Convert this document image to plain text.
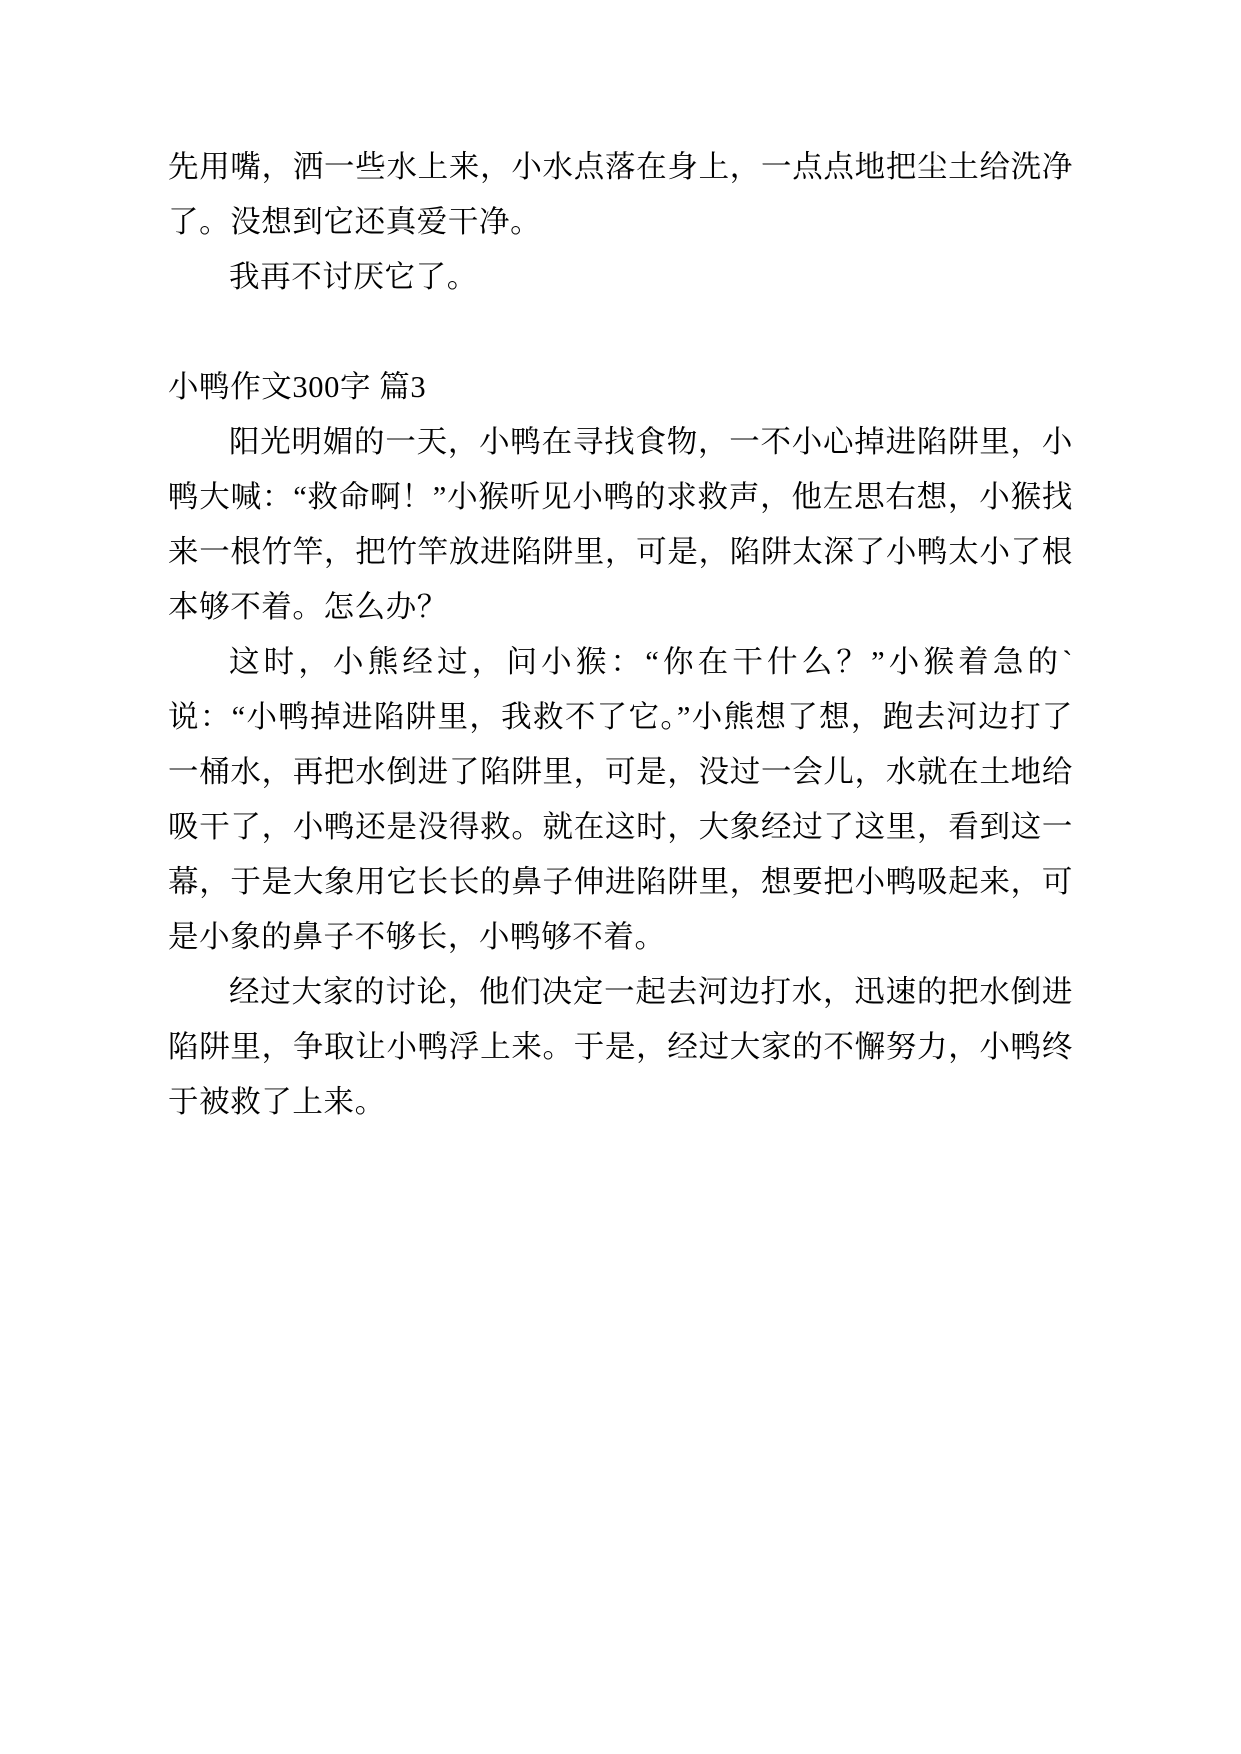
先用嘴，洒一些水上来，小水点落在身上，一点点地把尘土给洗净了。没想到它还真爱干净。

我再不讨厌它了。

小鸭作文300字 篇3

阳光明媚的一天，小鸭在寻找食物，一不小心掉进陷阱里，小鸭大喊：“救命啊！”小猴听见小鸭的求救声，他左思右想，小猴找来一根竹竿，把竹竿放进陷阱里，可是，陷阱太深了小鸭太小了根本够不着。怎么办？

这时，小熊经过，问小猴：“你在干什么？”小猴着急的`说：“小鸭掉进陷阱里，我救不了它。”小熊想了想，跑去河边打了一桶水，再把水倒进了陷阱里，可是，没过一会儿，水就在土地给吸干了，小鸭还是没得救。就在这时，大象经过了这里，看到这一幕，于是大象用它长长的鼻子伸进陷阱里，想要把小鸭吸起来，可是小象的鼻子不够长，小鸭够不着。

经过大家的讨论，他们决定一起去河边打水，迅速的把水倒进陷阱里，争取让小鸭浮上来。于是，经过大家的不懈努力，小鸭终于被救了上来。
